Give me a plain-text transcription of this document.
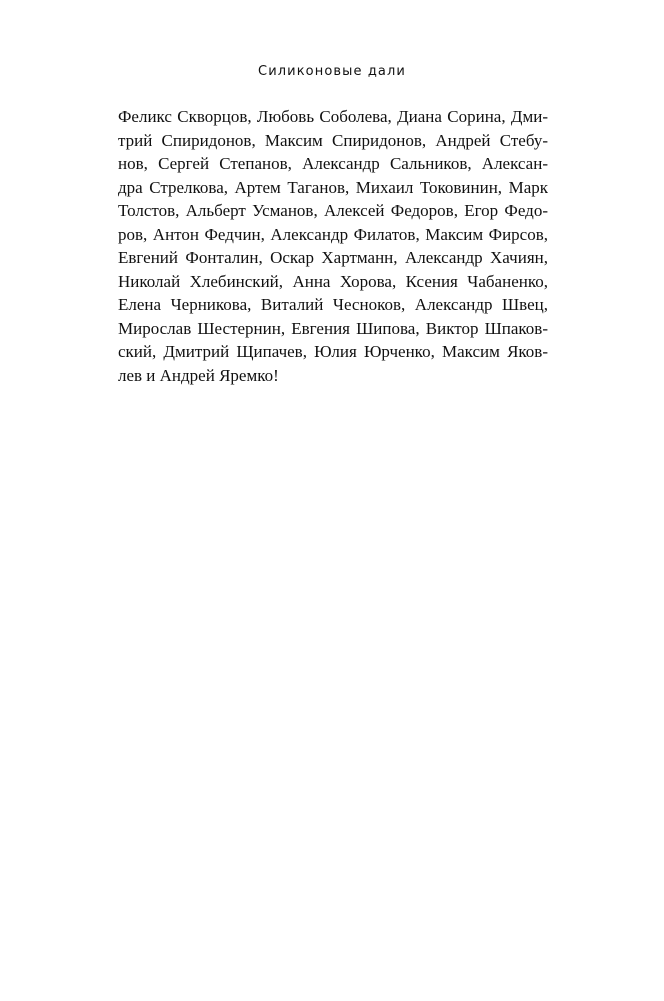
Силиконовые дали
Феликс Скворцов, Любовь Соболева, Диана Сорина, Дми-
трий Спиридонов, Максим Спиридонов, Андрей Стебу-
нов, Сергей Степанов, Александр Сальников, Алексан-
дра Стрелкова, Артем Таганов, Михаил Токовинин, Марк
Толстов, Альберт Усманов, Алексей Федоров, Егор Федо-
ров, Антон Федчин, Александр Филатов, Максим Фирсов,
Евгений Фонталин, Оскар Хартманн, Александр Хачиян,
Николай Хлебинский, Анна Хорова, Ксения Чабаненко,
Елена Черникова, Виталий Чесноков, Александр Швец,
Мирослав Шестернин, Евгения Шипова, Виктор Шпаков-
ский, Дмитрий Щипачев, Юлия Юрченко, Максим Яков-
лев и Андрей Яремко!
